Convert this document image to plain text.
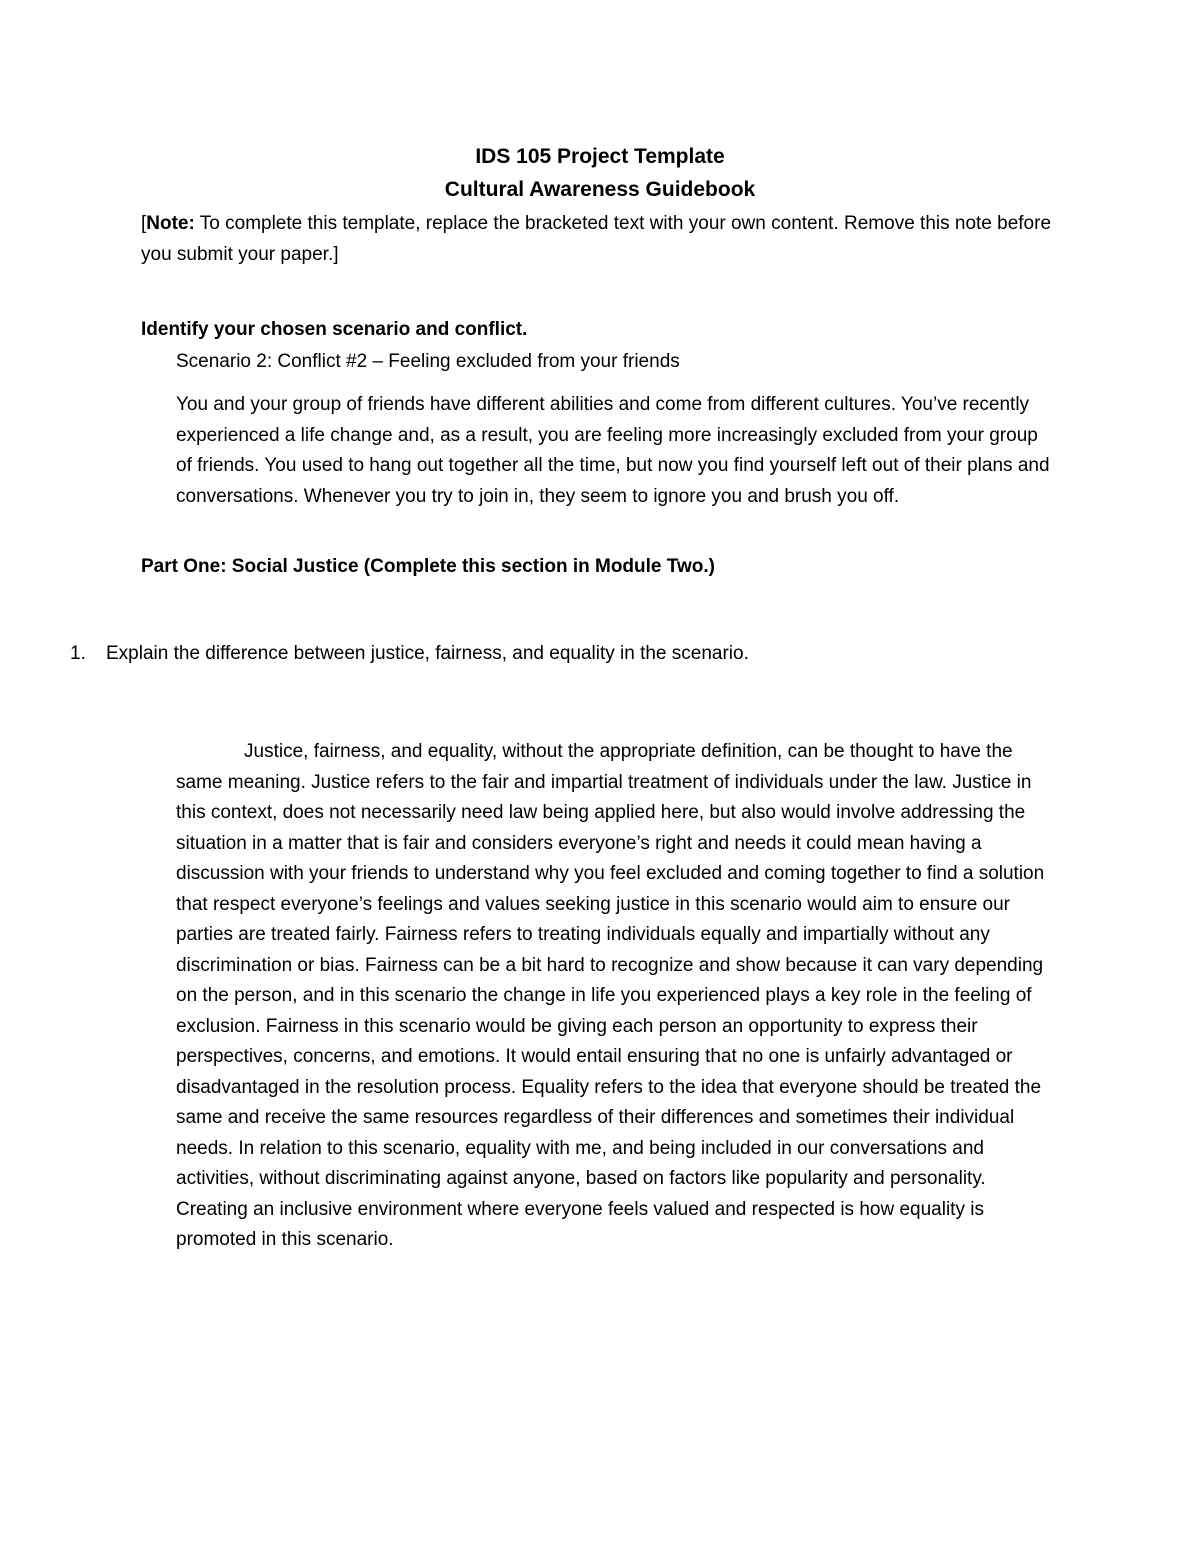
IDS 105 Project Template
Cultural Awareness Guidebook
[Note: To complete this template, replace the bracketed text with your own content. Remove this note before you submit your paper.]
Identify your chosen scenario and conflict.
Scenario 2: Conflict #2 – Feeling excluded from your friends
You and your group of friends have different abilities and come from different cultures. You’ve recently experienced a life change and, as a result, you are feeling more increasingly excluded from your group of friends. You used to hang out together all the time, but now you find yourself left out of their plans and conversations. Whenever you try to join in, they seem to ignore you and brush you off.
Part One: Social Justice (Complete this section in Module Two.)
1. Explain the difference between justice, fairness, and equality in the scenario.
Justice, fairness, and equality, without the appropriate definition, can be thought to have the same meaning. Justice refers to the fair and impartial treatment of individuals under the law. Justice in this context, does not necessarily need law being applied here, but also would involve addressing the situation in a matter that is fair and considers everyone’s right and needs it could mean having a discussion with your friends to understand why you feel excluded and coming together to find a solution that respect everyone’s feelings and values seeking justice in this scenario would aim to ensure our parties are treated fairly. Fairness refers to treating individuals equally and impartially without any discrimination or bias. Fairness can be a bit hard to recognize and show because it can vary depending on the person, and in this scenario the change in life you experienced plays a key role in the feeling of exclusion. Fairness in this scenario would be giving each person an opportunity to express their perspectives, concerns, and emotions. It would entail ensuring that no one is unfairly advantaged or disadvantaged in the resolution process. Equality refers to the idea that everyone should be treated the same and receive the same resources regardless of their differences and sometimes their individual needs. In relation to this scenario, equality with me, and being included in our conversations and activities, without discriminating against anyone, based on factors like popularity and personality. Creating an inclusive environment where everyone feels valued and respected is how equality is promoted in this scenario.
